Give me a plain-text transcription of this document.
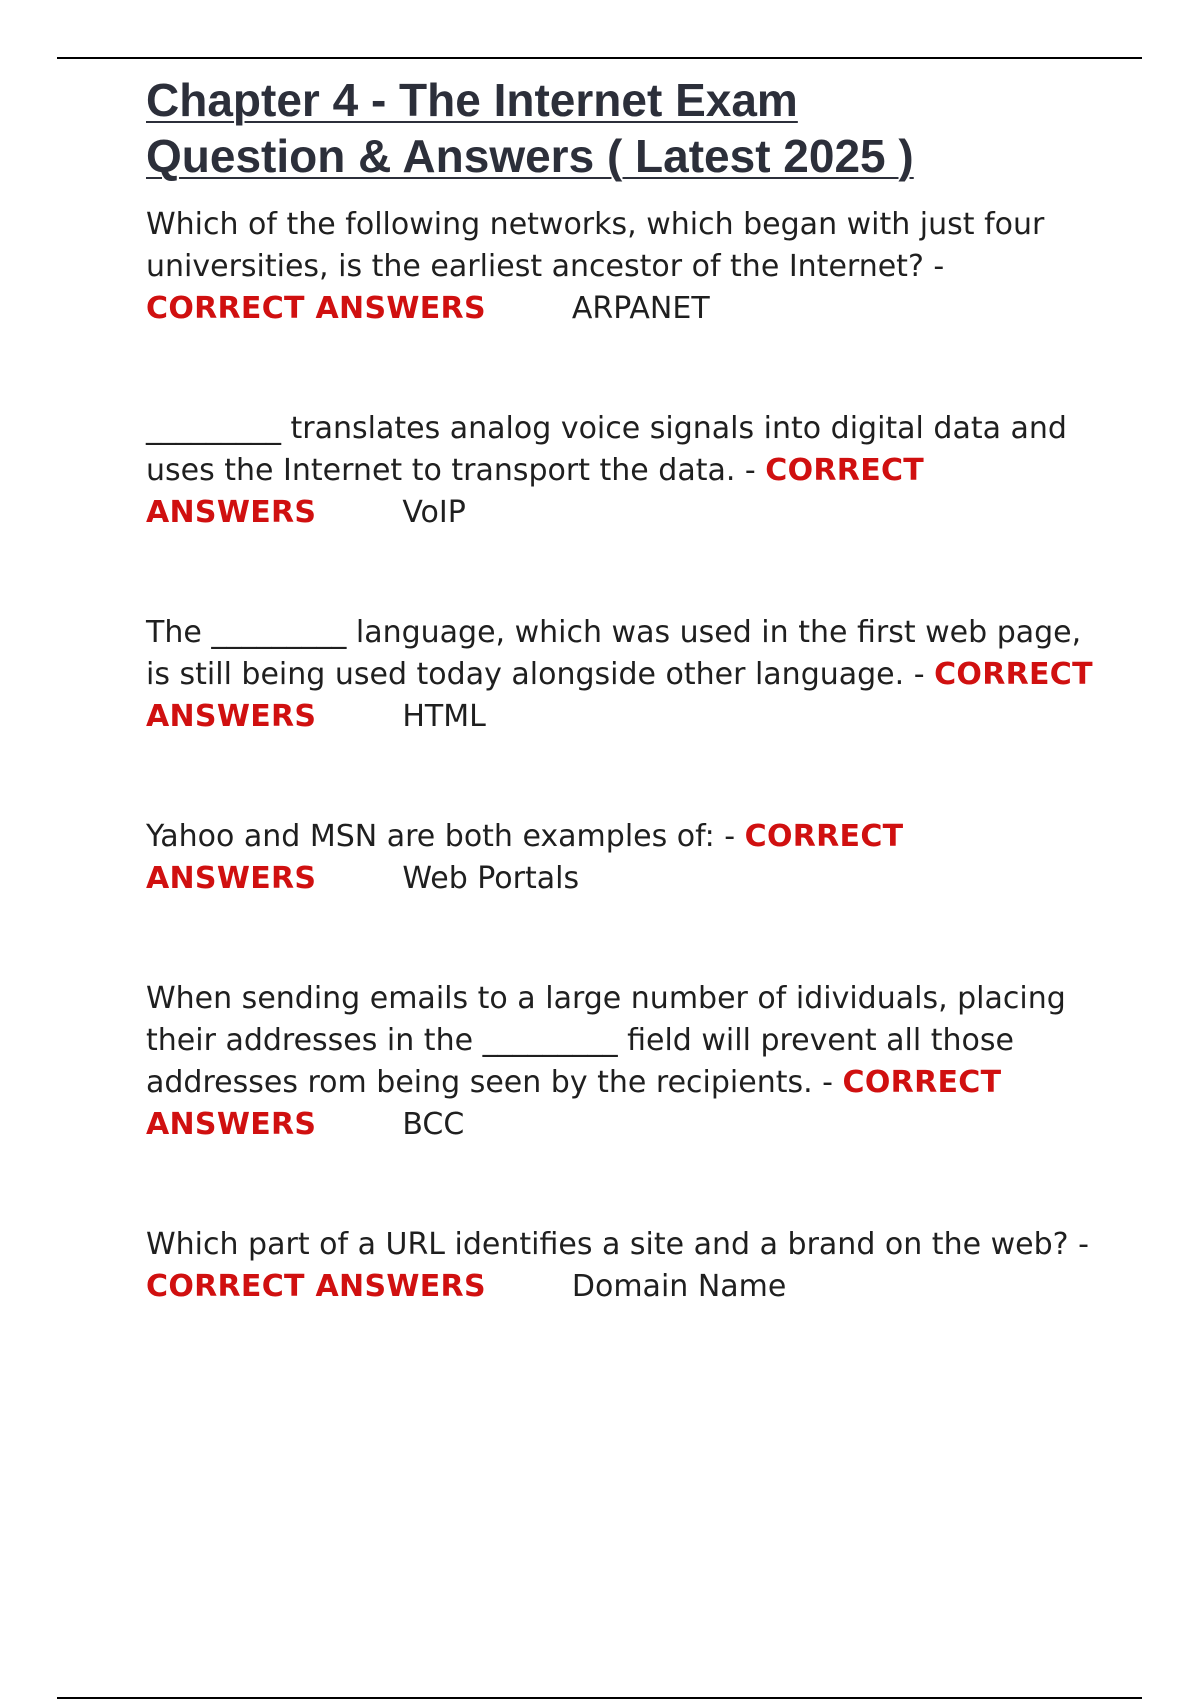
Chapter 4 - The Internet Exam
Question & Answers ( Latest 2025 )

Which of the following networks, which began with just four universities, is the earliest ancestor of the Internet? - CORRECT ANSWERS	ARPANET

_________ translates analog voice signals into digital data and uses the Internet to transport the data. - CORRECT ANSWERS	VoIP

The _________ language, which was used in the first web page, is still being used today alongside other language. - CORRECT ANSWERS	HTML

Yahoo and MSN are both examples of: - CORRECT ANSWERS	Web Portals

When sending emails to a large number of idividuals, placing their addresses in the _________ field will prevent all those addresses rom being seen by the recipients. - CORRECT ANSWERS	BCC

Which part of a URL identifies a site and a brand on the web? - CORRECT ANSWERS	Domain Name
